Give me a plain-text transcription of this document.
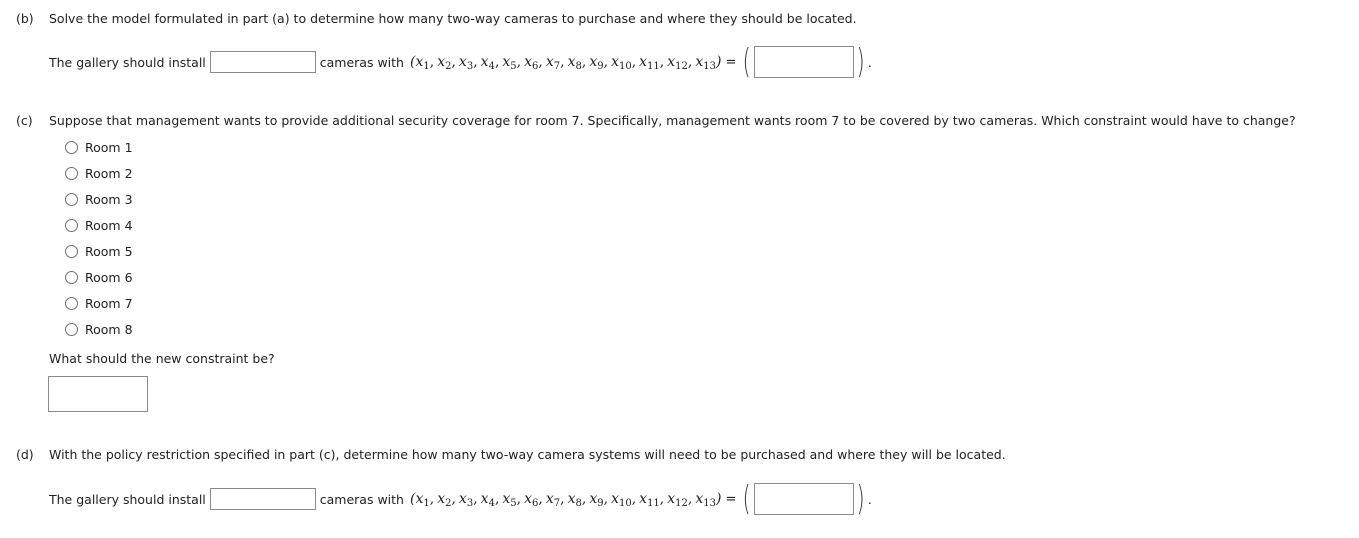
(b) Solve the model formulated in part (a) to determine how many two-way cameras to purchase and where they should be located.
The gallery should install	cameras with ($x_1$, $x_2$, $x_3$, $x_4$, $x_5$, $x_6$, $x_7$, $x_8$, $x_9$, $x_{10}$, $x_{11}$, $x_{12}$, $x_{13}$) = (	) .
(c) Suppose that management wants to provide additional security coverage for room 7. Specifically, management wants room 7 to be covered by two cameras. Which constraint would have to change?
Room 1
Room 2
Room 3
Room 4
Room 5
Room 6
Room 7
Room 8
What should the new constraint be?
(d) With the policy restriction specified in part (c), determine how many two-way camera systems will need to be purchased and where they will be located.
The gallery should install	cameras with ($x_1$, $x_2$, $x_3$, $x_4$, $x_5$, $x_6$, $x_7$, $x_8$, $x_9$, $x_{10}$, $x_{11}$, $x_{12}$, $x_{13}$) = (	) .
